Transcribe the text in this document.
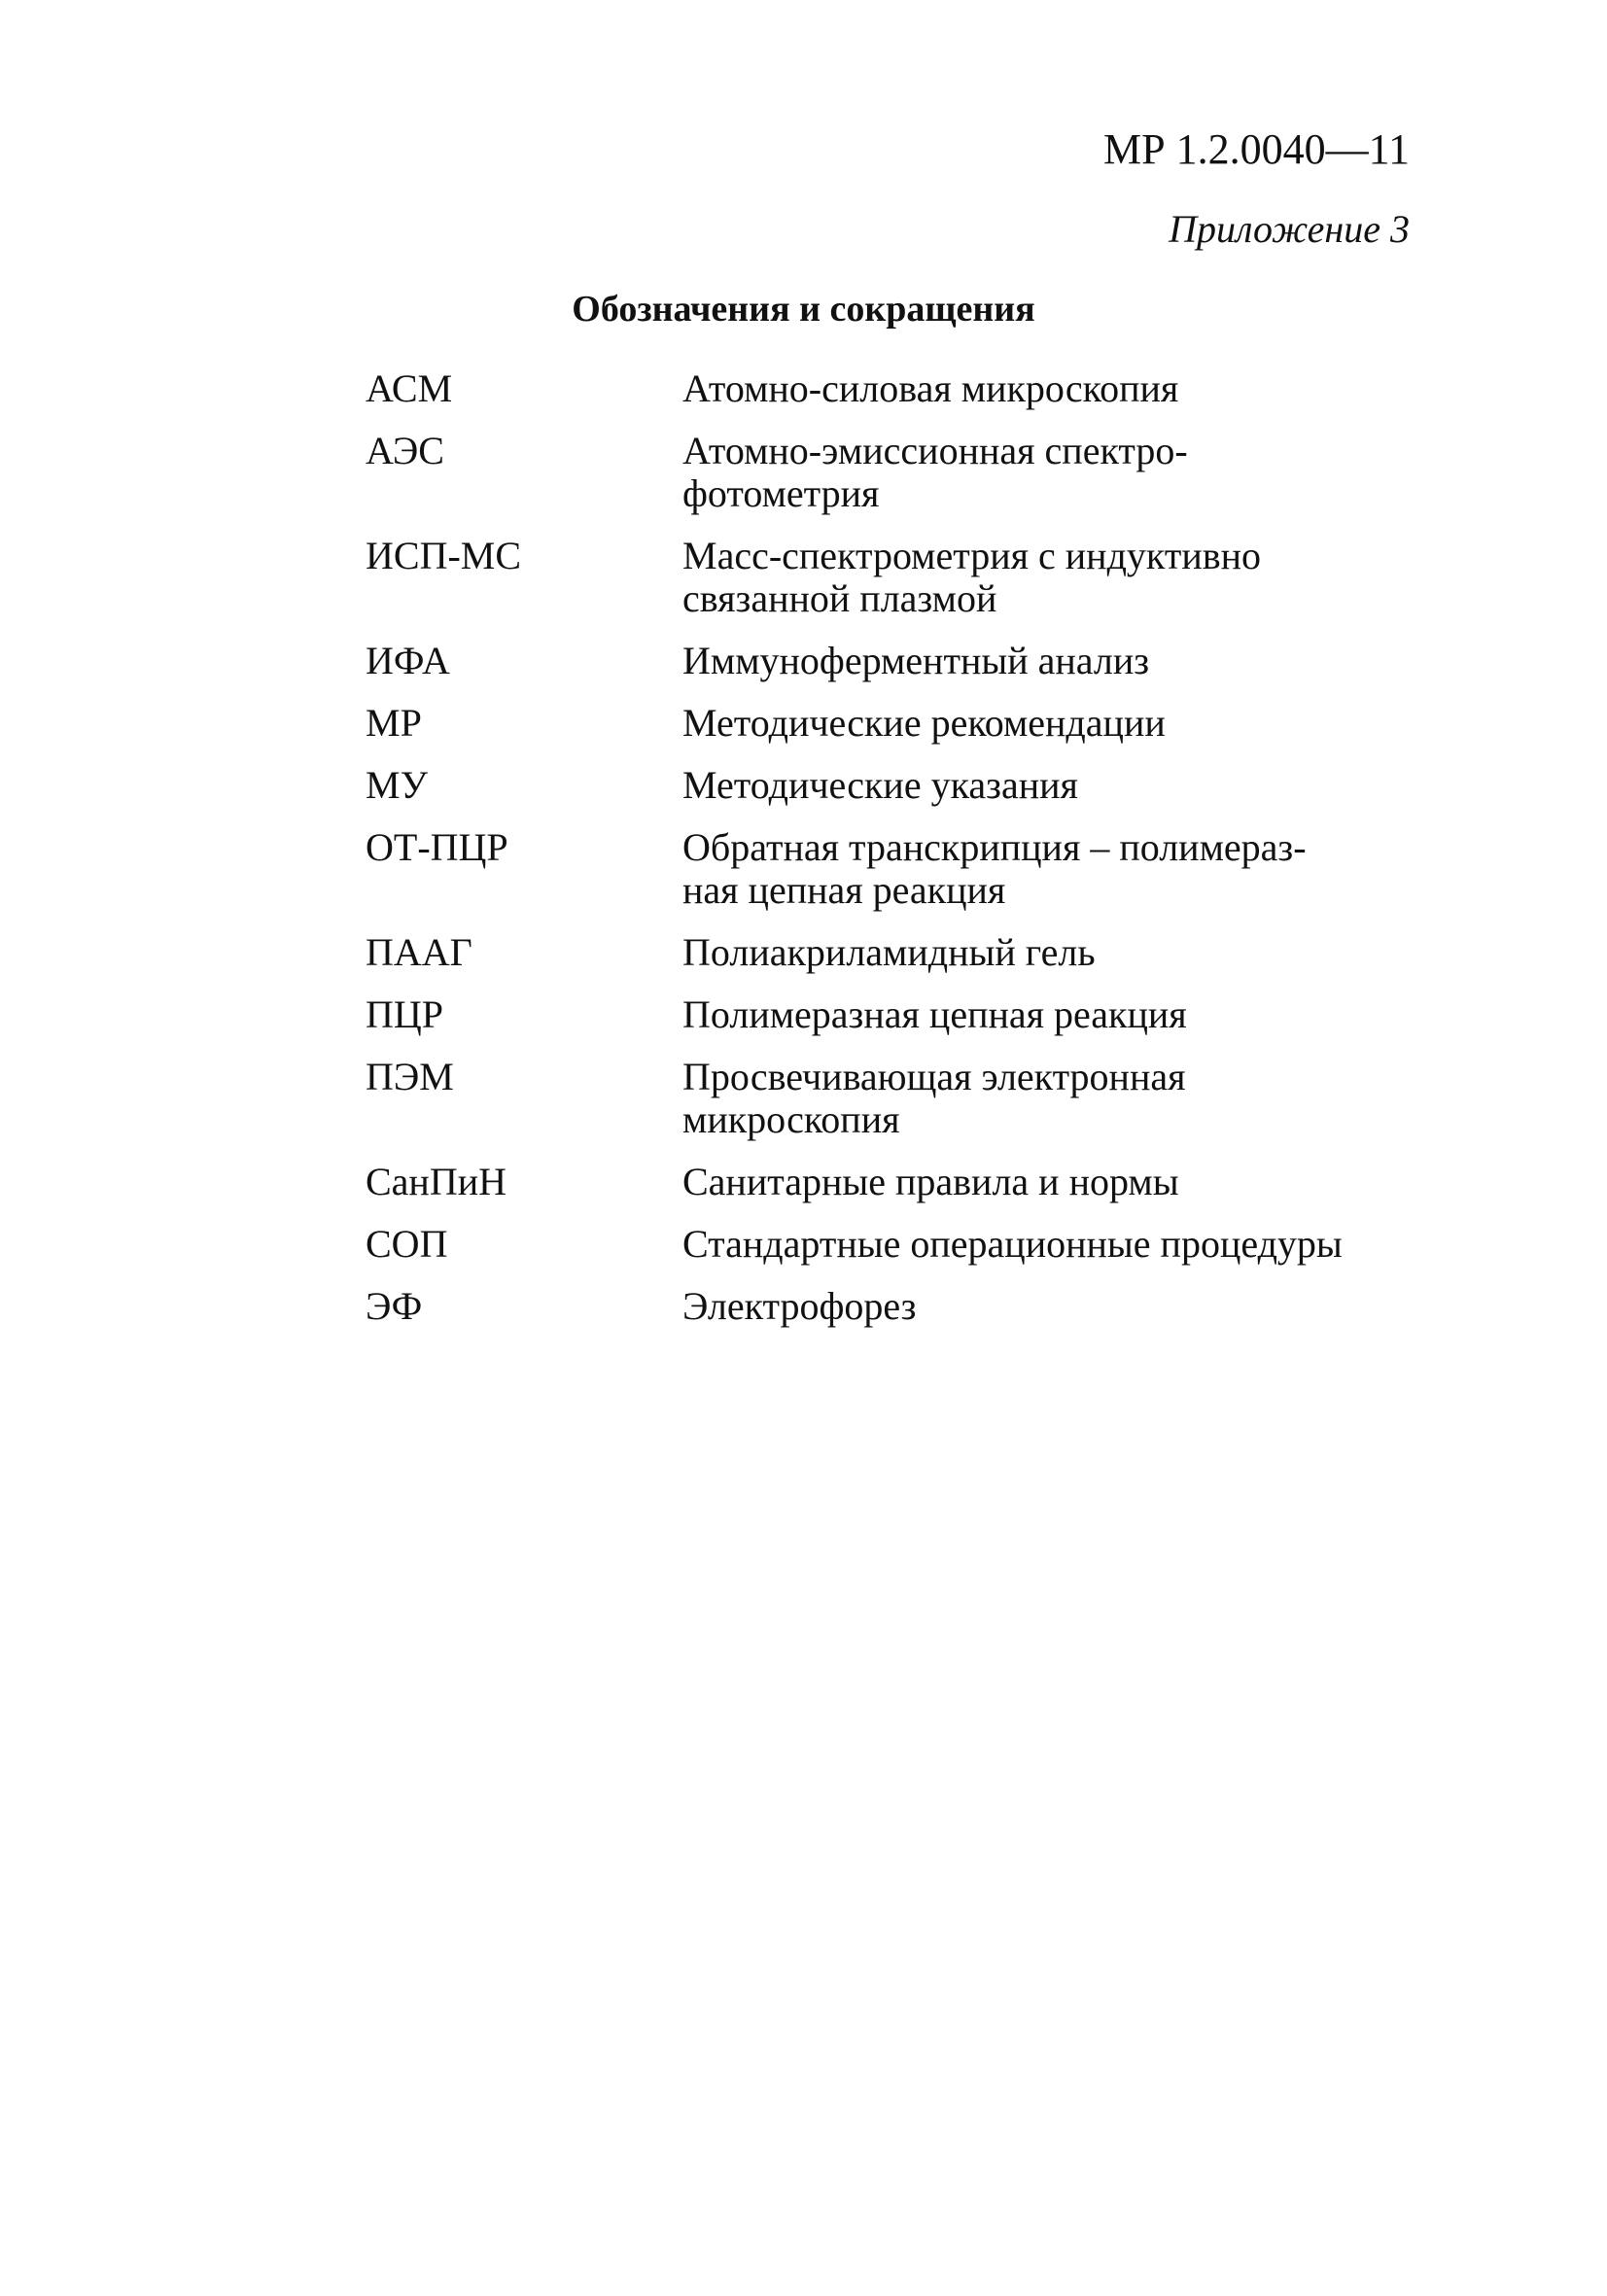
МР 1.2.0040—11
Приложение 3
Обозначения и сокращения
АСМ	Атомно-силовая микроскопия
АЭС	Атомно-эмиссионная спектро-
фотометрия
ИСП-МС	Масс-спектрометрия с индуктивно
связанной плазмой
ИФА	Иммуноферментный анализ
МР	Методические рекомендации
МУ	Методические указания
ОТ-ПЦР	Обратная транскрипция – полимераз-
ная цепная реакция
ПААГ	Полиакриламидный гель
ПЦР	Полимеразная цепная реакция
ПЭМ	Просвечивающая электронная
микроскопия
СанПиН	Санитарные правила и нормы
СОП	Стандартные операционные процедуры
ЭФ	Электрофорез
